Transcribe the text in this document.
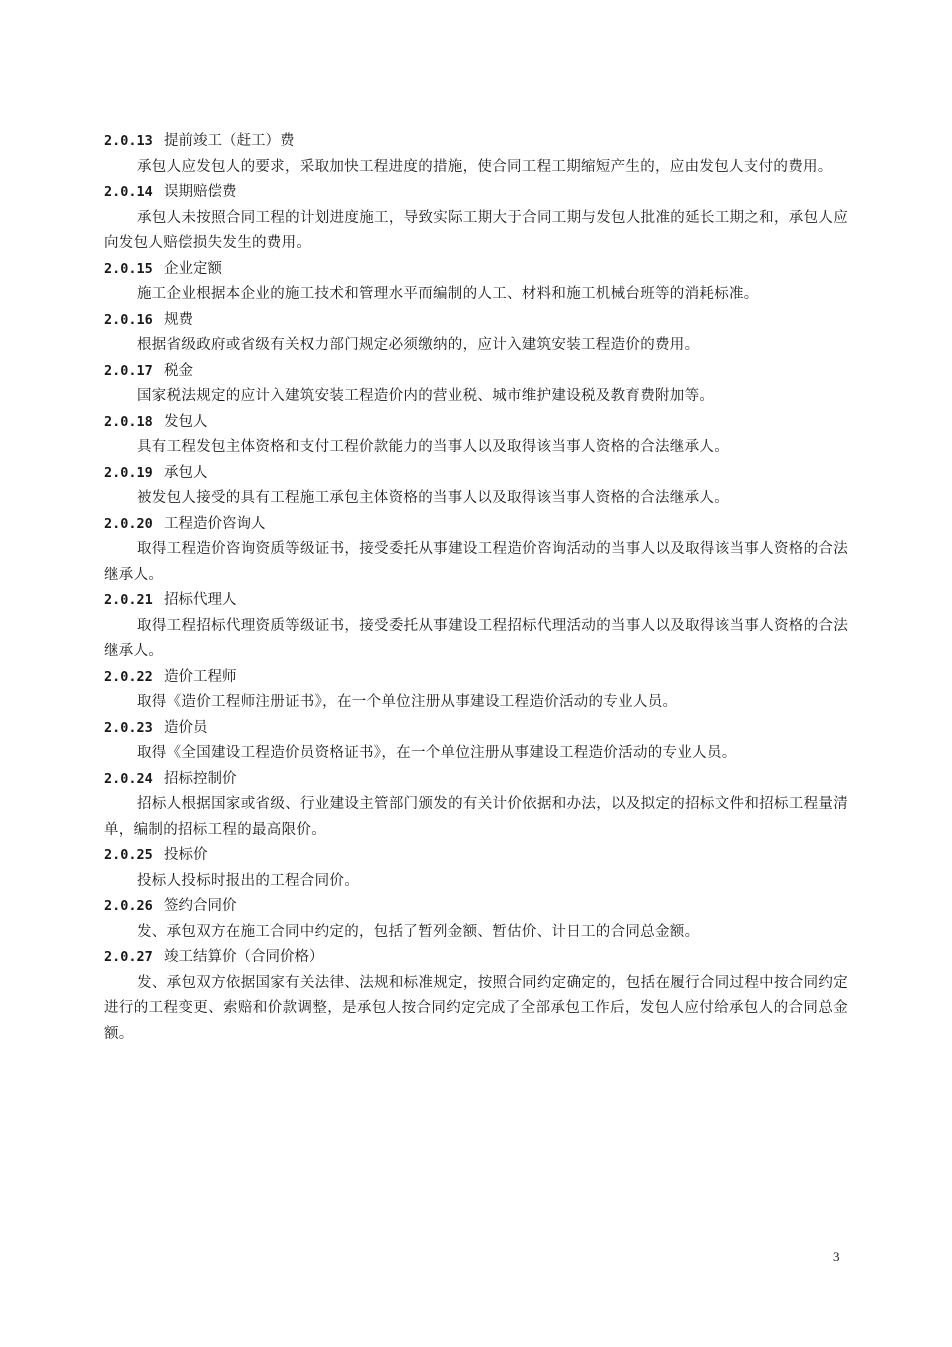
2.0.13 提前竣工（赶工）费

承包人应发包人的要求，采取加快工程进度的措施，使合同工程工期缩短产生的，应由发包人支付的费用。

2.0.14 误期赔偿费

承包人未按照合同工程的计划进度施工，导致实际工期大于合同工期与发包人批准的延长工期之和，承包人应向发包人赔偿损失发生的费用。

2.0.15 企业定额

施工企业根据本企业的施工技术和管理水平而编制的人工、材料和施工机械台班等的消耗标准。

2.0.16 规费

根据省级政府或省级有关权力部门规定必须缴纳的，应计入建筑安装工程造价的费用。

2.0.17 税金

国家税法规定的应计入建筑安装工程造价内的营业税、城市维护建设税及教育费附加等。

2.0.18 发包人

具有工程发包主体资格和支付工程价款能力的当事人以及取得该当事人资格的合法继承人。

2.0.19 承包人

被发包人接受的具有工程施工承包主体资格的当事人以及取得该当事人资格的合法继承人。

2.0.20 工程造价咨询人

取得工程造价咨询资质等级证书，接受委托从事建设工程造价咨询活动的当事人以及取得该当事人资格的合法继承人。

2.0.21 招标代理人

取得工程招标代理资质等级证书，接受委托从事建设工程招标代理活动的当事人以及取得该当事人资格的合法继承人。

2.0.22 造价工程师

取得《造价工程师注册证书》，在一个单位注册从事建设工程造价活动的专业人员。

2.0.23 造价员

取得《全国建设工程造价员资格证书》，在一个单位注册从事建设工程造价活动的专业人员。

2.0.24 招标控制价

招标人根据国家或省级、行业建设主管部门颁发的有关计价依据和办法，以及拟定的招标文件和招标工程量清单，编制的招标工程的最高限价。

2.0.25 投标价

投标人投标时报出的工程合同价。

2.0.26 签约合同价

发、承包双方在施工合同中约定的，包括了暂列金额、暂估价、计日工的合同总金额。

2.0.27 竣工结算价（合同价格）

发、承包双方依据国家有关法律、法规和标准规定，按照合同约定确定的，包括在履行合同过程中按合同约定进行的工程变更、索赔和价款调整，是承包人按合同约定完成了全部承包工作后，发包人应付给承包人的合同总金额。

3
